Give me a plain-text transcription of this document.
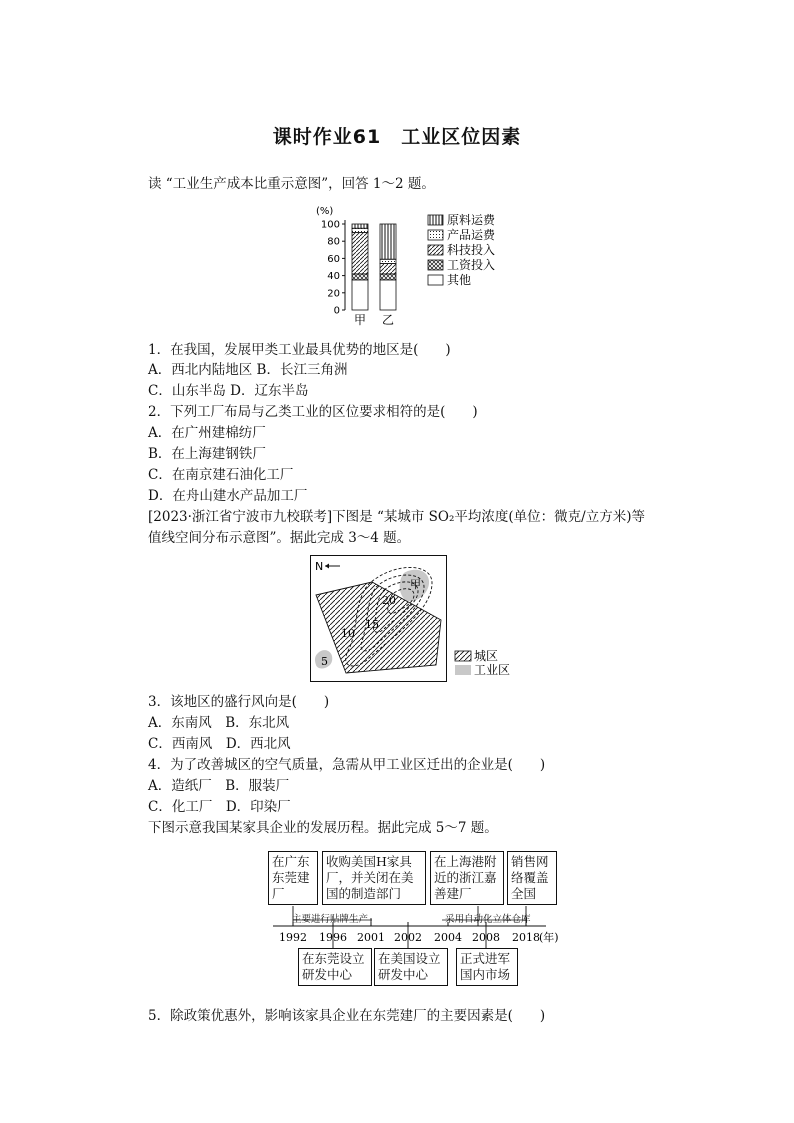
课时作业61　工业区位因素
读 “工业生产成本比重示意图”，回答 1～2 题。
(%)
0
20
40
60
80
100
甲 乙
原料运费
产品运费
科技投入
工资投入
其他
1．在我国，发展甲类工业最具优势的地区是(　　)
A．西北内陆地区 B．长江三角洲
C．山东半岛 D．辽东半岛
2．下列工厂布局与乙类工业的区位要求相符的是(　　)
A．在广州建棉纺厂
B．在上海建钢铁厂
C．在南京建石油化工厂
D．在舟山建水产品加工厂
[2023·浙江省宁波市九校联考]下图是 “某城市 SO₂平均浓度(单位：微克/立方米)等
值线空间分布示意图”。据此完成 3～4 题。
N
甲
20
15
10
5	城区
工业区
3．该地区的盛行风向是(　　)
A．东南风　B．东北风
C．西南风　D．西北风
4．为了改善城区的空气质量，急需从甲工业区迁出的企业是(　　)
A．造纸厂　B．服装厂
C．化工厂　D．印染厂
下图示意我国某家具企业的发展历程。据此完成 5～7 题。
在广东东莞建厂
收购美国H家具厂，并关闭在美国的制造部门
在上海港附近的浙江嘉善建厂
销售网络覆盖全国
主要进行贴牌生产	采用自动化立体仓库
1992 1996 2001 2002 2004 2008 2018 (年)
在东莞设立研发中心
在美国设立研发中心
正式进军国内市场
5．除政策优惠外，影响该家具企业在东莞建厂的主要因素是(　　)
